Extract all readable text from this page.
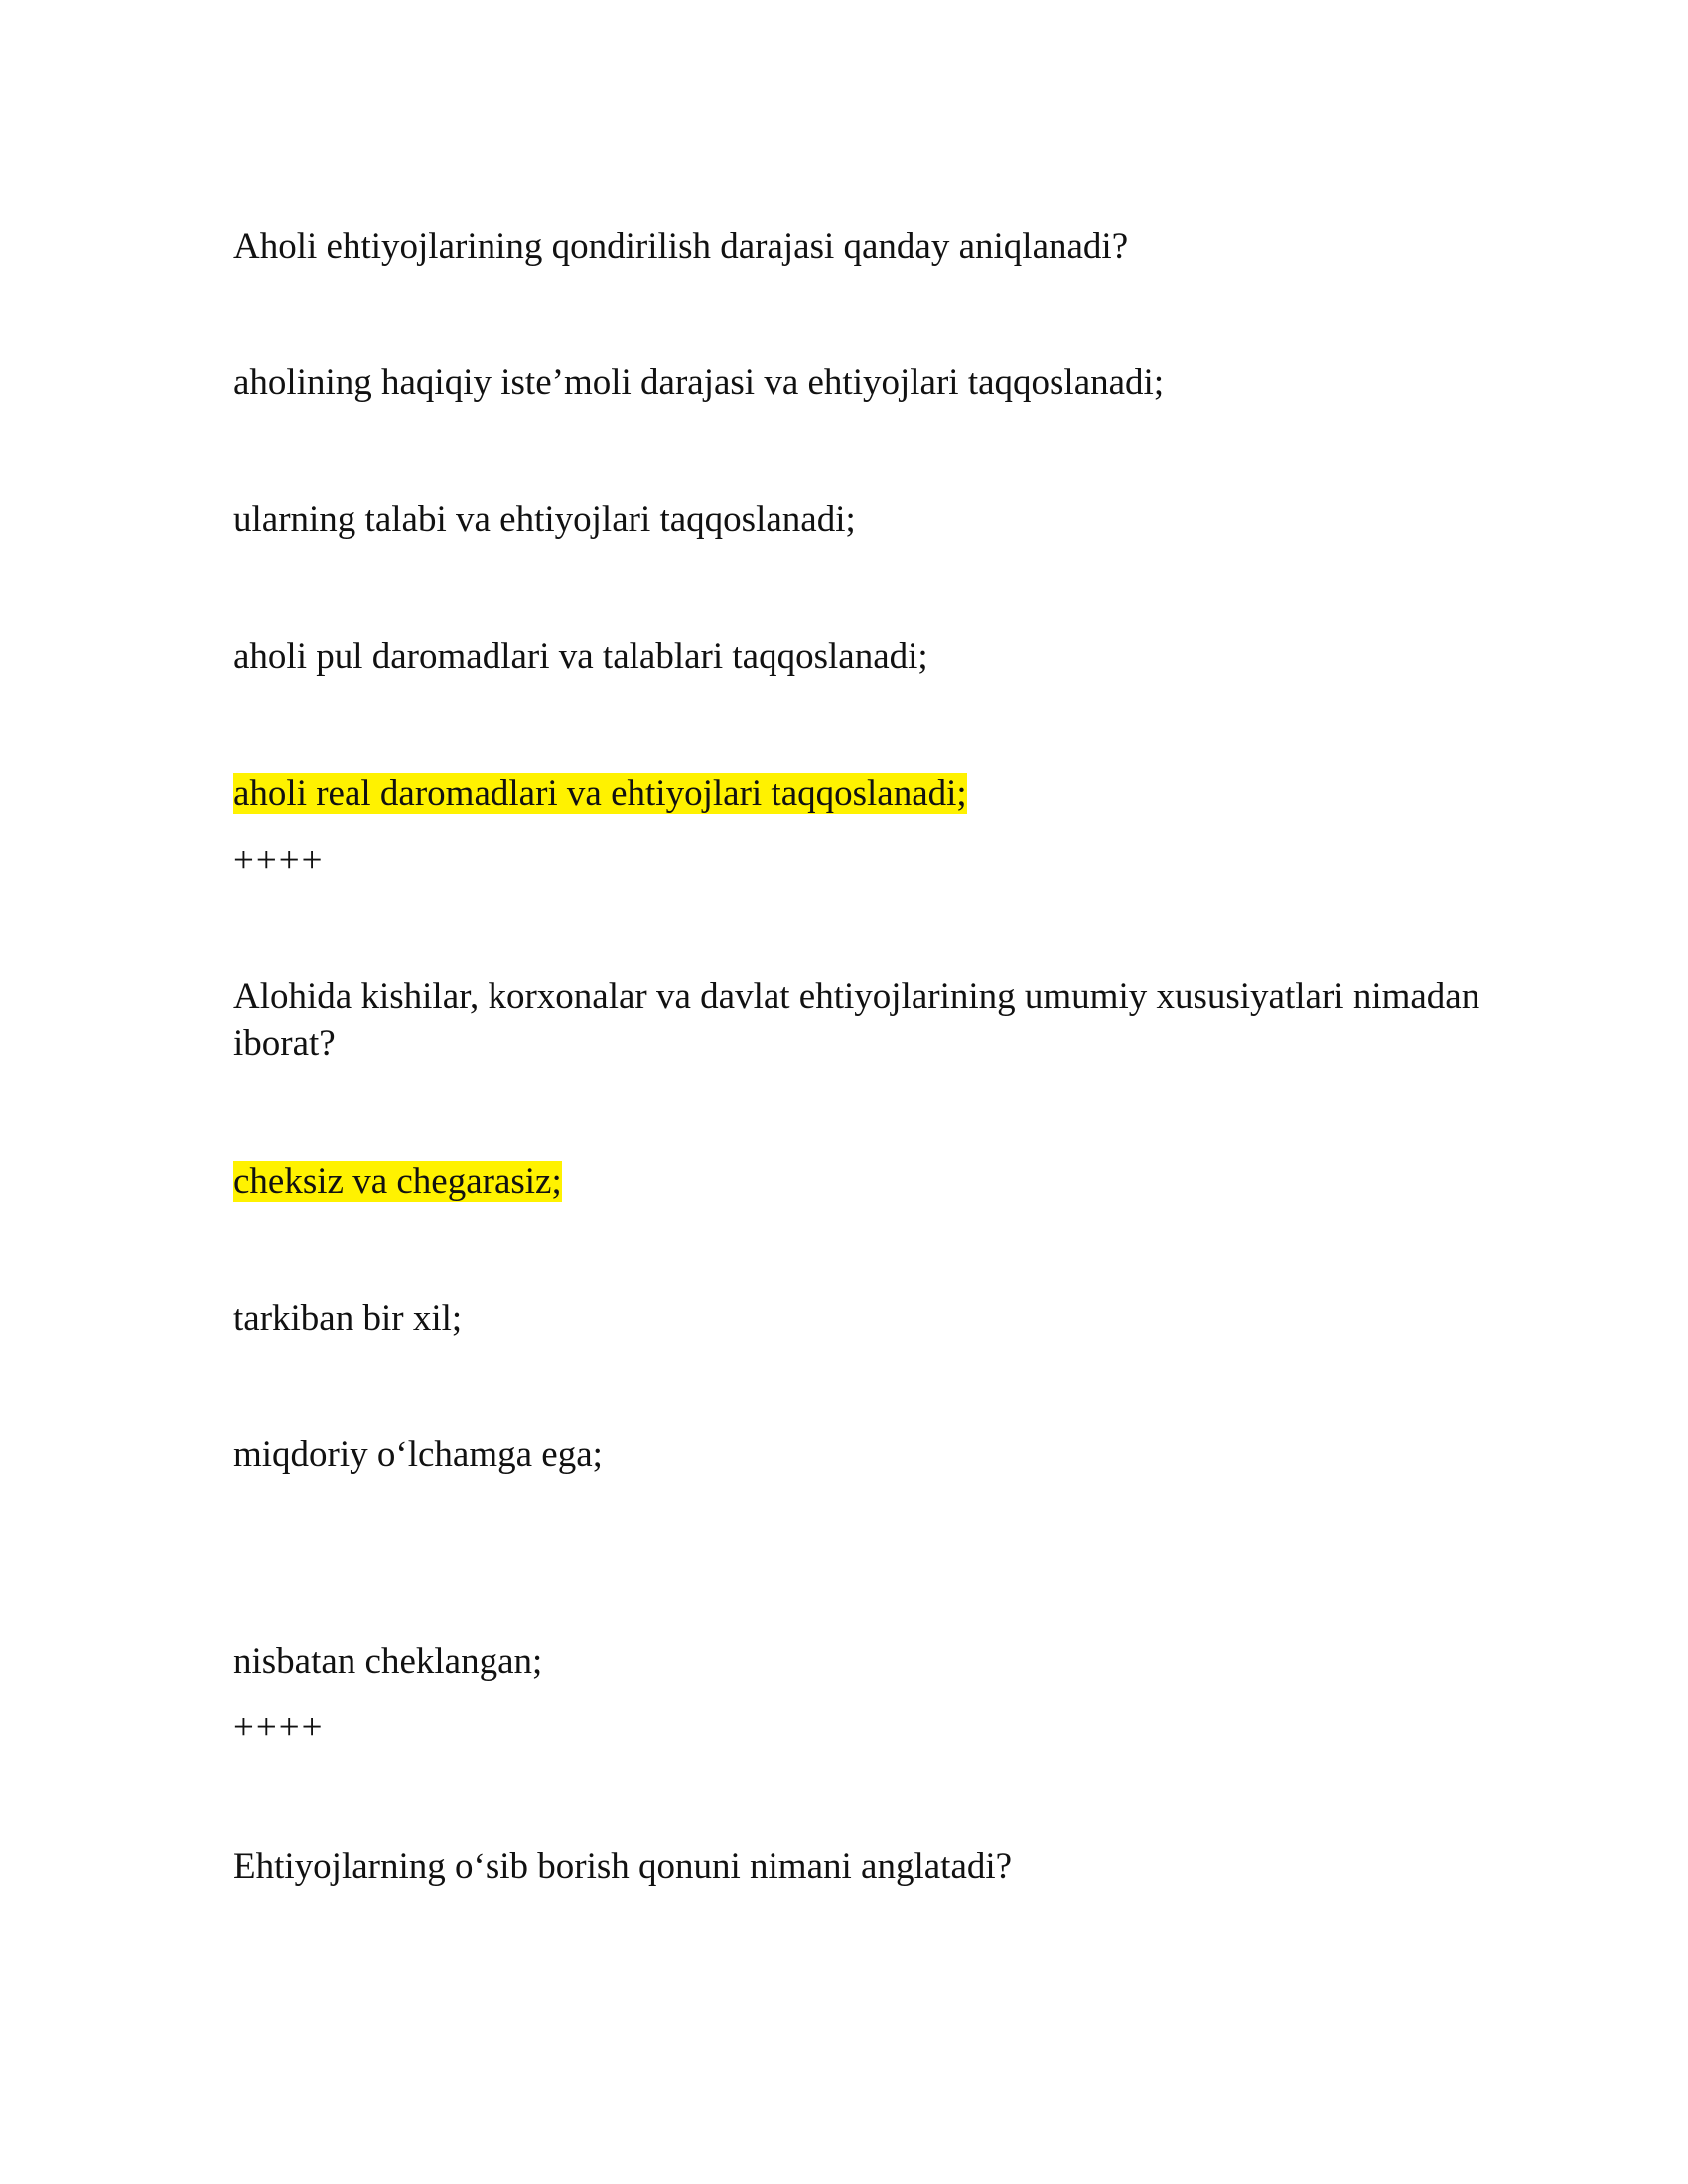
Aholi ehtiyojlarining qondirilish darajasi qanday aniqlanadi?
aholining haqiqiy iste’moli darajasi va ehtiyojlari taqqoslanadi;
ularning talabi va ehtiyojlari taqqoslanadi;
aholi pul daromadlari va talablari taqqoslanadi;
aholi real daromadlari va ehtiyojlari taqqoslanadi;
++++
Alohida kishilar, korxonalar va davlat ehtiyojlarining umumiy xususiyatlari nimadan iborat?
cheksiz va chegarasiz;
tarkiban bir xil;
miqdoriy o‘lchamga ega;
nisbatan cheklangan;
++++
Ehtiyojlarning o‘sib borish qonuni nimani anglatadi?
